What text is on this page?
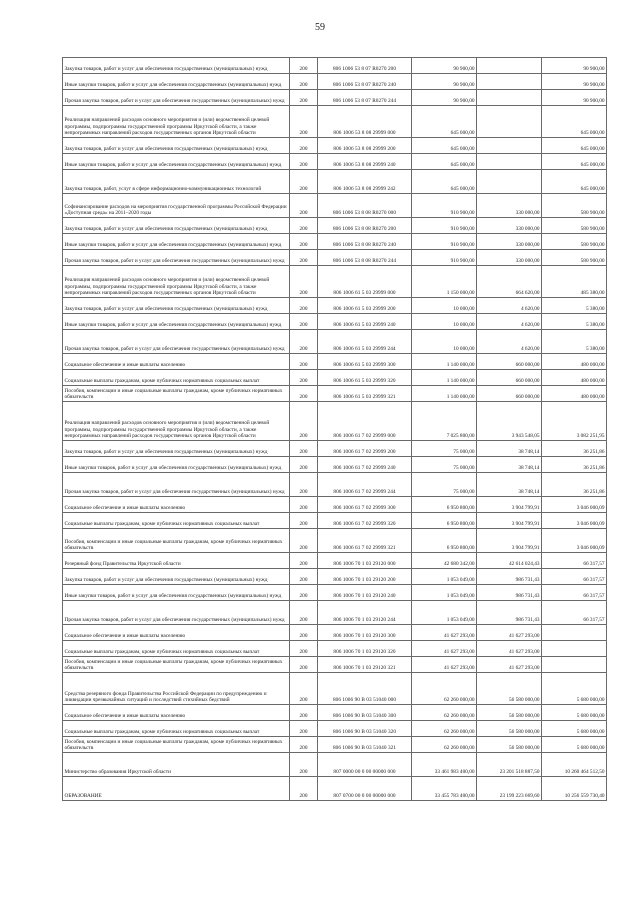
59
Закупка товаров, работ и услуг для обеспечения государственных (муниципальных) нужд	200	806 1006 53 8 07 R0270 200	90 900,00		90 900,00
Иные закупки товаров, работ и услуг для обеспечения государственных (муниципальных) нужд	200	806 1006 53 8 07 R0270 240	90 900,00		90 900,00
Прочая закупка товаров, работ и услуг для обеспечения государственных (муниципальных) нужд	200	806 1006 53 8 07 R0270 244	90 900,00		90 900,00
Реализация направлений расходов основного мероприятия и (или) ведомственной целевой программы, подпрограммы государственной программы Иркутской области, а также непрограммных направлений расходов государственных органов Иркутской области	200	806 1006 53 8 08 29999 000	645 000,00		645 000,00
Закупка товаров, работ и услуг для обеспечения государственных (муниципальных) нужд	200	806 1006 53 8 08 29999 200	645 000,00		645 000,00
Иные закупки товаров, работ и услуг для обеспечения государственных (муниципальных) нужд	200	806 1006 53 8 08 29999 240	645 000,00		645 000,00
Закупка товаров, работ, услуг в сфере информационно-коммуникационных технологий	200	806 1006 53 8 08 29999 242	645 000,00		645 000,00
Софинансирование расходов на мероприятия государственной программы Российской Федерации «Доступная среда» на 2011–2020 годы	200	806 1006 53 8 08 R0270 000	910 900,00	330 000,00	580 900,00
Закупка товаров, работ и услуг для обеспечения государственных (муниципальных) нужд	200	806 1006 53 8 08 R0270 200	910 900,00	330 000,00	580 900,00
Иные закупки товаров, работ и услуг для обеспечения государственных (муниципальных) нужд	200	806 1006 53 8 08 R0270 240	910 900,00	330 000,00	580 900,00
Прочая закупка товаров, работ и услуг для обеспечения государственных (муниципальных) нужд	200	806 1006 53 8 08 R0270 244	910 900,00	330 000,00	580 900,00
Реализация направлений расходов основного мероприятия и (или) ведомственной целевой программы, подпрограммы государственной программы Иркутской области, а также непрограммных направлений расходов государственных органов Иркутской области	200	806 1006 61 5 03 29999 000	1 150 000,00	664 620,00	485 380,00
Закупка товаров, работ и услуг для обеспечения государственных (муниципальных) нужд	200	806 1006 61 5 03 29999 200	10 000,00	4 620,00	5 380,00
Иные закупки товаров, работ и услуг для обеспечения государственных (муниципальных) нужд	200	806 1006 61 5 03 29999 240	10 000,00	4 620,00	5 380,00
Прочая закупка товаров, работ и услуг для обеспечения государственных (муниципальных) нужд	200	806 1006 61 5 03 29999 244	10 000,00	4 620,00	5 380,00
Социальное обеспечение и иные выплаты населению	200	806 1006 61 5 03 29999 300	1 140 000,00	660 000,00	480 000,00
Социальные выплаты гражданам, кроме публичных нормативных социальных выплат	200	806 1006 61 5 03 29999 320	1 140 000,00	660 000,00	480 000,00
Пособия, компенсации и иные социальные выплаты гражданам, кроме публичных нормативных обязательств	200	806 1006 61 5 03 29999 321	1 140 000,00	660 000,00	480 000,00
Реализация направлений расходов основного мероприятия и (или) ведомственной целевой программы, подпрограммы государственной программы Иркутской области, а также непрограммных направлений расходов государственных органов Иркутской области	200	806 1006 61 7 02 29999 000	7 025 800,00	3 943 548,05	3 082 251,95
Закупка товаров, работ и услуг для обеспечения государственных (муниципальных) нужд	200	806 1006 61 7 02 29999 200	75 000,00	38 748,14	36 251,86
Иные закупки товаров, работ и услуг для обеспечения государственных (муниципальных) нужд	200	806 1006 61 7 02 29999 240	75 000,00	38 748,14	36 251,86
Прочая закупка товаров, работ и услуг для обеспечения государственных (муниципальных) нужд	200	806 1006 61 7 02 29999 244	75 000,00	38 748,14	36 251,86
Социальное обеспечение и иные выплаты населению	200	806 1006 61 7 02 29999 300	6 950 800,00	3 904 799,91	3 046 000,09
Социальные выплаты гражданам, кроме публичных нормативных социальных выплат	200	806 1006 61 7 02 29999 320	6 950 800,00	3 904 799,91	3 046 000,09
Пособия, компенсации и иные социальные выплаты гражданам, кроме публичных нормативных обязательств	200	806 1006 61 7 02 29999 321	6 950 800,00	3 904 799,91	3 046 000,09
Резервный фонд Правительства Иркутской области	200	806 1006 70 1 03 29120 000	42 680 342,00	42 614 024,43	66 317,57
Закупка товаров, работ и услуг для обеспечения государственных (муниципальных) нужд	200	806 1006 70 1 03 29120 200	1 053 049,00	986 731,43	66 317,57
Иные закупки товаров, работ и услуг для обеспечения государственных (муниципальных) нужд	200	806 1006 70 1 03 29120 240	1 053 049,00	986 731,43	66 317,57
Прочая закупка товаров, работ и услуг для обеспечения государственных (муниципальных) нужд	200	806 1006 70 1 03 29120 244	1 053 049,00	986 731,43	66 317,57
Социальное обеспечение и иные выплаты населению	200	806 1006 70 1 03 29120 300	41 627 293,00	41 627 293,00	
Социальные выплаты гражданам, кроме публичных нормативных социальных выплат	200	806 1006 70 1 03 29120 320	41 627 293,00	41 627 293,00	
Пособия, компенсации и иные социальные выплаты гражданам, кроме публичных нормативных обязательств	200	806 1006 70 1 03 29120 321	41 627 293,00	41 627 293,00	
Средства резервного фонда Правительства Российской Федерации по предупреждению и ликвидации чрезвычайных ситуаций и последствий стихийных бедствий	200	806 1006 90 В 03 51040 000	62 260 000,00	56 580 000,00	5 680 000,00
Социальное обеспечение и иные выплаты населению	200	806 1006 90 В 03 51040 300	62 260 000,00	56 580 000,00	5 680 000,00
Социальные выплаты гражданам, кроме публичных нормативных социальных выплат	200	806 1006 90 В 03 51040 320	62 260 000,00	56 580 000,00	5 680 000,00
Пособия, компенсации и иные социальные выплаты гражданам, кроме публичных нормативных обязательств	200	806 1006 90 В 03 51040 321	62 260 000,00	56 580 000,00	5 680 000,00
Министерство образования Иркутской области	200	807 0000 00 0 00 00000 000	33 461 983 400,00	23 201 518 887,50	10 260 464 512,50
ОБРАЗОВАНИЕ	200	807 0700 00 0 00 00000 000	33 455 783 400,00	23 199 223 669,60	10 256 559 730,40
